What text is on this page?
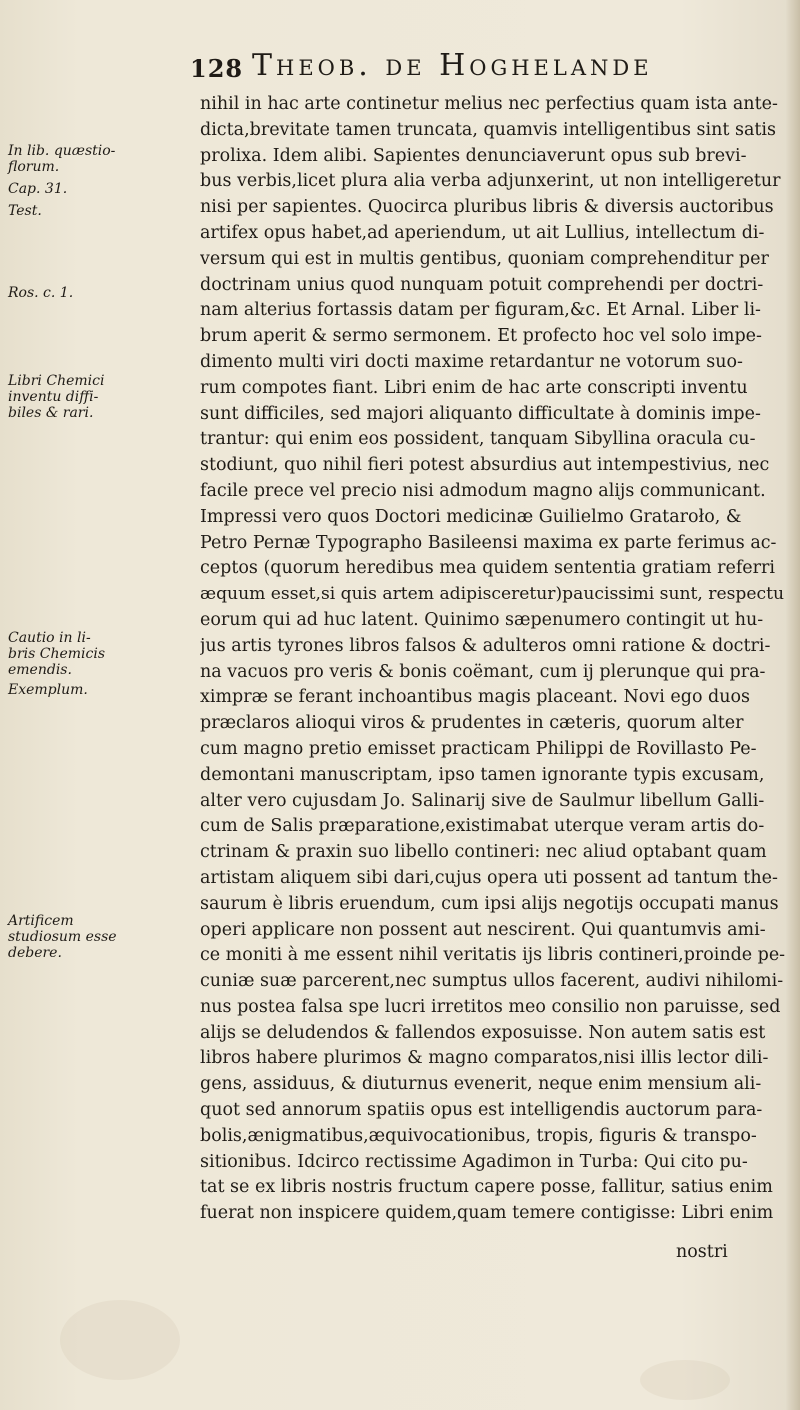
128 Theob. de Hoghelande
nihil in hac arte continetur melius nec perfectius quam ista ante-
dicta,brevitate tamen truncata, quamvis intelligentibus sint satis
prolixa. Idem alibi. Sapientes denunciaverunt opus sub brevi-
bus verbis,licet plura alia verba adjunxerint, ut non intelligeretur
nisi per sapientes. Quocirca pluribus libris & diversis auctoribus
artifex opus habet,ad aperiendum, ut ait Lullius, intellectum di-
versum qui est in multis gentibus, quoniam comprehenditur per
doctrinam unius quod nunquam potuit comprehendi per doctri-
nam alterius fortassis datam per figuram,&c. Et Arnal. Liber li-
brum aperit & sermo sermonem. Et profecto hoc vel solo impe-
dimento multi viri docti maxime retardantur ne votorum suo-
rum compotes fiant. Libri enim de hac arte conscripti inventu
sunt difficiles, sed majori aliquanto difficultate à dominis impe-
trantur: qui enim eos possident, tanquam Sibyllina oracula cu-
stodiunt, quo nihil fieri potest absurdius aut intempestivius, nec
facile prece vel precio nisi admodum magno alijs communicant.
Impressi vero quos Doctori medicinæ Guilielmo Grataroło, &
Petro Pernæ Typographo Basileensi maxima ex parte ferimus ac-
ceptos (quorum heredibus mea quidem sententia gratiam referri
æquum esset,si quis artem adipisceretur)paucissimi sunt, respectu
eorum qui ad huc latent. Quinimo sæpenumero contingit ut hu-
jus artis tyrones libros falsos & adulteros omni ratione & doctri-
na vacuos pro veris & bonis coëmant, cum ij plerunque qui pra-
ximpræ se ferant inchoantibus magis placeant. Novi ego duos
præclaros alioqui viros & prudentes in cæteris, quorum alter
cum magno pretio emisset practicam Philippi de Rovillasto Pe-
demontani manuscriptam, ipso tamen ignorante typis excusam,
alter vero cujusdam Jo. Salinarij sive de Saulmur libellum Galli-
cum de Salis præparatione,existimabat uterque veram artis do-
ctrinam & praxin suo libello contineri: nec aliud optabant quam
artistam aliquem sibi dari,cujus opera uti possent ad tantum the-
saurum è libris eruendum, cum ipsi alijs negotijs occupati manus
operi applicare non possent aut nescirent. Qui quantumvis ami-
ce moniti à me essent nihil veritatis ijs libris contineri,proinde pe-
cuniæ suæ parcerent,nec sumptus ullos facerent, audivi nihilomi-
nus postea falsa spe lucri irretitos meo consilio non paruisse, sed
alijs se deludendos & fallendos exposuisse. Non autem satis est
libros habere plurimos & magno comparatos,nisi illis lector dili-
gens, assiduus, & diuturnus evenerit, neque enim mensium ali-
quot sed annorum spatiis opus est intelligendis auctorum para-
bolis,ænigmatibus,æquivocationibus, tropis, figuris & transpo-
sitionibus. Idcirco rectissime Agadimon in Turba: Qui cito pu-
tat se ex libris nostris fructum capere posse, fallitur, satius enim
fuerat non inspicere quidem,quam temere contigisse: Libri enim
nostri
In lib. quæstio-
florum.
Cap. 31.
Test.
Ros. c. 1.
Libri Chemici
inventu diffi-
biles & rari.
Cautio in li-
bris Chemicis
emendis.
Exemplum.
Artificem
studiosum esse
debere.
